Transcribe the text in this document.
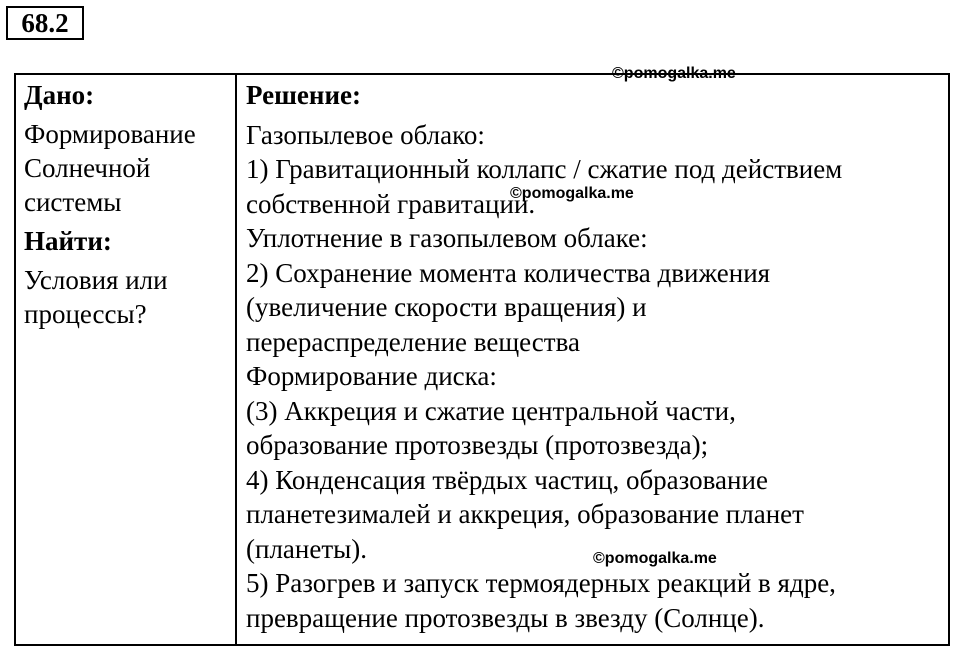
68.2
Дано:
Формирование
Солнечной
системы
Найти:
Условия или
процессы?
Решение:
Газопылевое облако:
1) Гравитационный коллапс / сжатие под действием
собственной гравитации.
Уплотнение в газопылевом облаке:
2) Сохранение момента количества движения
(увеличение скорости вращения) и
перераспределение вещества
Формирование диска:
(3) Аккреция и сжатие центральной части,
образование протозвезды (протозвезда);
4) Конденсация твёрдых частиц, образование
планетезималей и аккреция, образование планет
(планеты).
5) Разогрев и запуск термоядерных реакций в ядре,
превращение протозвезды в звезду (Солнце).
©pomogalka.me
©pomogalka.me
©pomogalka.me
